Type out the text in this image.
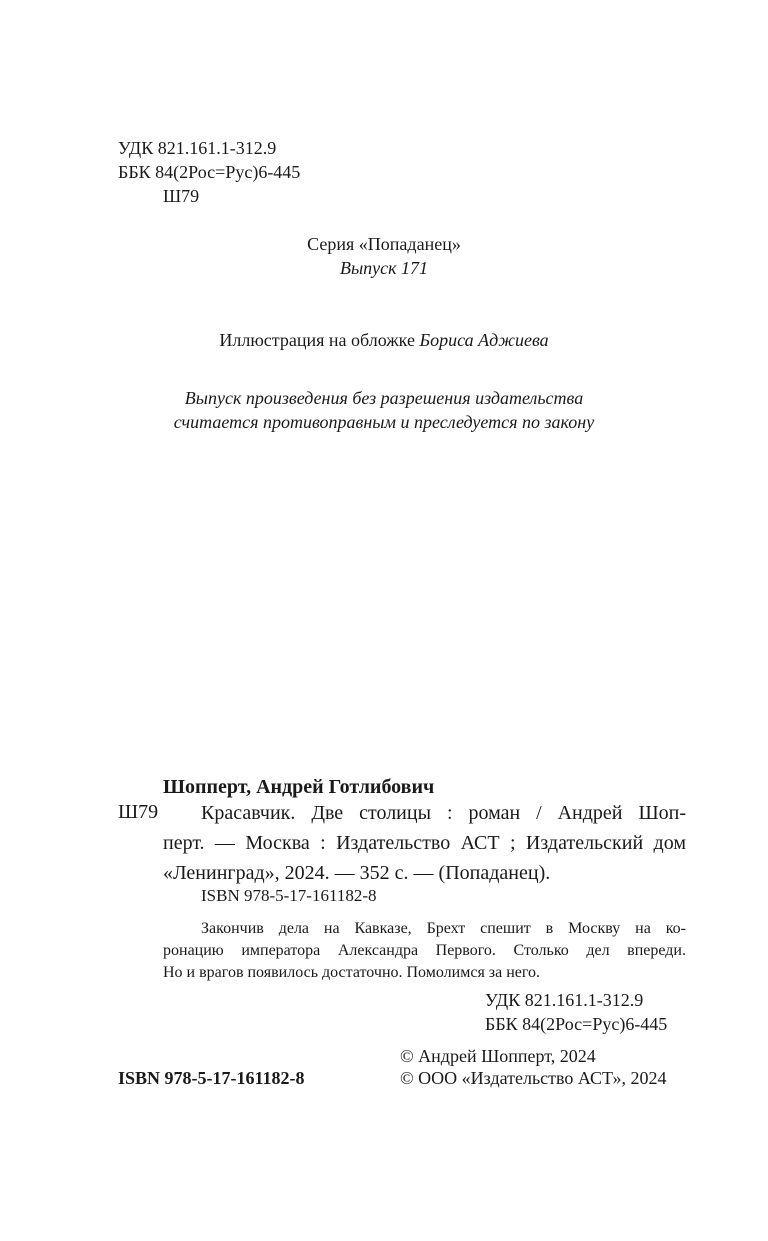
УДК 821.161.1-312.9
ББК 84(2Рос=Рус)6-445
Ш79
Серия «Попаданец»
Выпуск 171
Иллюстрация на обложке Бориса Аджиева
Выпуск произведения без разрешения издательства
считается противоправным и преследуется по закону
Шопперт, Андрей Готлибович
Ш79 Красавчик. Две столицы : роман / Андрей Шоп-
перт. — Москва : Издательство АСТ ; Издательский дом
«Ленинград», 2024. — 352 с. — (Попаданец).
ISBN 978-5-17-161182-8
Закончив дела на Кавказе, Брехт спешит в Москву на ко-
ронацию императора Александра Первого. Столько дел впереди.
Но и врагов появилось достаточно. Помолимся за него.
УДК 821.161.1-312.9
ББК 84(2Рос=Рус)6-445
© Андрей Шопперт, 2024
© ООО «Издательство АСТ», 2024
ISBN 978-5-17-161182-8
